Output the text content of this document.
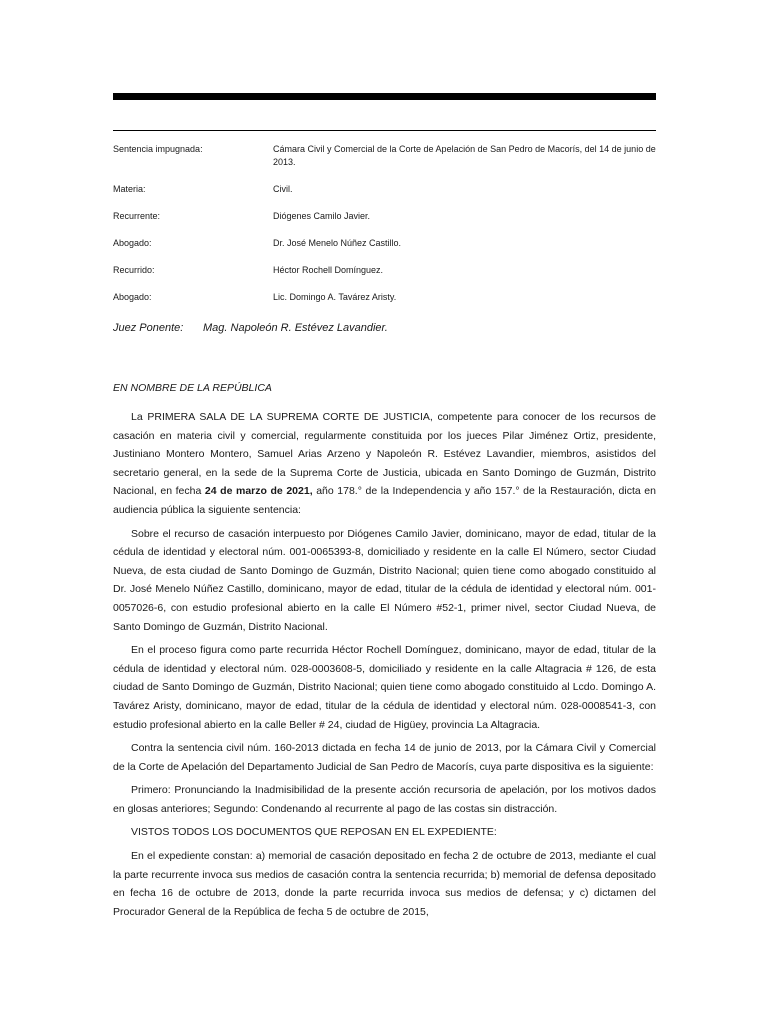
Sentencia impugnada:	Cámara Civil y Comercial de la Corte de Apelación de San Pedro de Macorís, del 14 de junio de 2013.
Materia:	Civil.
Recurrente:	Diógenes Camilo Javier.
Abogado:	Dr. José Menelo Núñez Castillo.
Recurrido:	Héctor Rochell Domínguez.
Abogado:	Lic. Domingo A. Tavárez Aristy.
Juez Ponente: Mag. Napoleón R. Estévez Lavandier.
EN NOMBRE DE LA REPÚBLICA

La PRIMERA SALA DE LA SUPREMA CORTE DE JUSTICIA, competente para conocer de los recursos de casación en materia civil y comercial, regularmente constituida por los jueces Pilar Jiménez Ortiz, presidente, Justiniano Montero Montero, Samuel Arias Arzeno y Napoleón R. Estévez Lavandier, miembros, asistidos del secretario general, en la sede de la Suprema Corte de Justicia, ubicada en Santo Domingo de Guzmán, Distrito Nacional, en fecha 24 de marzo de 2021, año 178.° de la Independencia y año 157.° de la Restauración, dicta en audiencia pública la siguiente sentencia:

Sobre el recurso de casación interpuesto por Diógenes Camilo Javier, dominicano, mayor de edad, titular de la cédula de identidad y electoral núm. 001-0065393-8, domiciliado y residente en la calle El Número, sector Ciudad Nueva, de esta ciudad de Santo Domingo de Guzmán, Distrito Nacional; quien tiene como abogado constituido al Dr. José Menelo Núñez Castillo, dominicano, mayor de edad, titular de la cédula de identidad y electoral núm. 001-0057026-6, con estudio profesional abierto en la calle El Número #52-1, primer nivel, sector Ciudad Nueva, de Santo Domingo de Guzmán, Distrito Nacional.

En el proceso figura como parte recurrida Héctor Rochell Domínguez, dominicano, mayor de edad, titular de la cédula de identidad y electoral núm. 028-0003608-5, domiciliado y residente en la calle Altagracia # 126, de esta ciudad de Santo Domingo de Guzmán, Distrito Nacional; quien tiene como abogado constituido al Lcdo. Domingo A. Tavárez Aristy, dominicano, mayor de edad, titular de la cédula de identidad y electoral núm. 028-0008541-3, con estudio profesional abierto en la calle Beller # 24, ciudad de Higüey, provincia La Altagracia.

Contra la sentencia civil núm. 160-2013 dictada en fecha 14 de junio de 2013, por la Cámara Civil y Comercial de la Corte de Apelación del Departamento Judicial de San Pedro de Macorís, cuya parte dispositiva es la siguiente:

Primero: Pronunciando la Inadmisibilidad de la presente acción recursoria de apelación, por los motivos dados en glosas anteriores; Segundo: Condenando al recurrente al pago de las costas sin distracción.

VISTOS TODOS LOS DOCUMENTOS QUE REPOSAN EN EL EXPEDIENTE:

En el expediente constan: a) memorial de casación depositado en fecha 2 de octubre de 2013, mediante el cual la parte recurrente invoca sus medios de casación contra la sentencia recurrida; b) memorial de defensa depositado en fecha 16 de octubre de 2013, donde la parte recurrida invoca sus medios de defensa; y c) dictamen del Procurador General de la República de fecha 5 de octubre de 2015,
